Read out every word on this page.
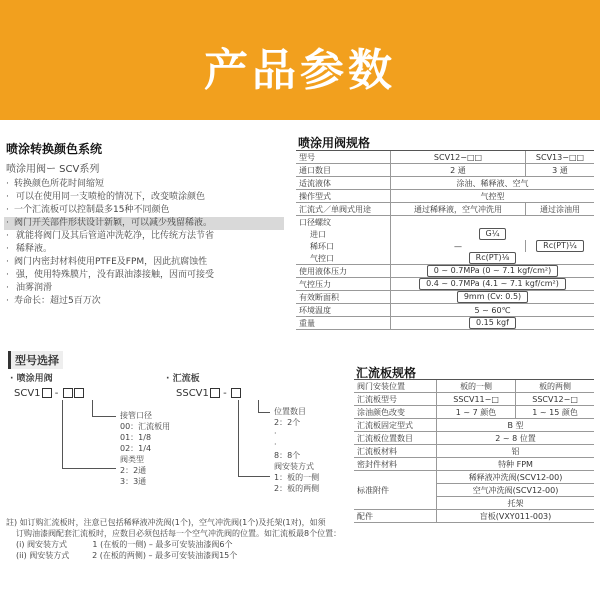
产品参数
喷涂转换颜色系统
喷涂用阀ー SCV系列
· 转换颜色所花时间缩短
· 可以在使用同一支喷枪的情况下，改变喷涂颜色
· 一个汇流板可以控制最多15种不同颜色
· 阀门开关部件形状设计新颖，可以减少残留稀液。
· 就能将阀门及其后管道冲洗乾净，比传统方法节省
· 稀释液。
· 阀门内密封材料使用PTFE及FPM，因此抗腐蚀性
· 强，使用特殊膜片，没有跟油漆接触，因而可接受
· 油雾润滑
· 寿命长：超过5百万次
喷涂用阀规格
型号	SCV12−□□	SCV13−□□
通口数目	2 通	3 通
适流液体	涂油、稀释液、空气	
操作型式	气控型	
汇流式／单阀式用途	通过稀释液，空气冲洗用	通过涂油用
口径螺纹		
进口	G¼	
稀环口	—	Rc(PT)¼
气控口	Rc(PT)⅛	
使用液体压力	0 ~ 0.7MPa (0 ~ 7.1 kgf/cm²)	
气控压力	0.4 ~ 0.7MPa (4.1 ~ 7.1 kgf/cm²)	
有效断面积	9mm (Cv: 0.5)	
环境温度	5 ~ 60℃	
重量	0.15 kgf	
汇流板规格
阀门安装位置	板的一侧	板的两侧
汇流板型号	SSCV11−□	SSCV12−□
涂油颜色改变	1 ~ 7 颜色	1 ~ 15 颜色
汇流板固定型式	B 型	
汇流板位置数目	2 ~ 8 位置	
汇流板材料	铝	
密封件材料	特种 FPM	
标准附件	稀释液冲洗阀(SCV12-00)	
	空气冲洗阀(SCV12-00)	
	托架	
配件	盲板(VXY011-003)	
型号选择
· 喷涂用阀
SCV1 -
接管口径
00：汇流板用
01：1/8
02：1/4
阀类型
2：2通
3：3通
· 汇流板
SSCV1 -
位置数目
2：2个
·
·
8：8个
阀安装方式
1：板的一侧
2：板的两侧
註) 如订购汇流板时，注意已包括稀释液冲洗阀(1个)，空气冲洗阀(1个)及托架(1对)，如须
订购油漆阀配套汇流板时，应数目必须包括每一个空气冲洗阀的位置。如汇流板最8个位置：
(i) 阀安装方式          1 (在板的一侧) – 最多可安装油漆阀6个
(ii) 阀安装方式         2 (在板的两侧) – 最多可安装油漆阀15个
